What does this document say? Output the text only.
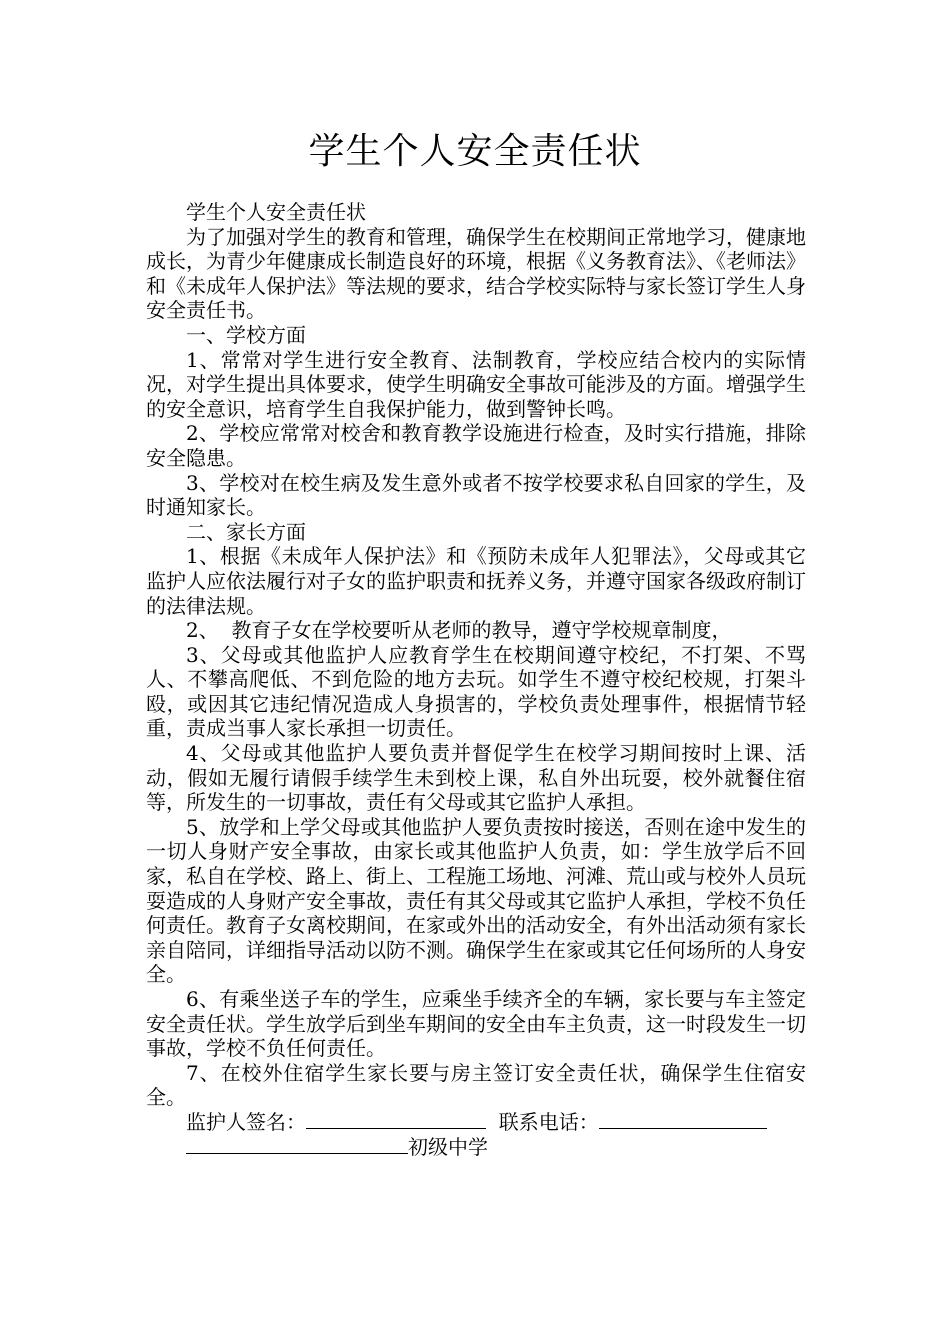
学生个人安全责任状

学生个人安全责任状

为了加强对学生的教育和管理，确保学生在校期间正常地学习，健康地成长，为青少年健康成长制造良好的环境，根据《义务教育法》、《老师法》和《未成年人保护法》等法规的要求，结合学校实际特与家长签订学生人身安全责任书。

一、学校方面

1、常常对学生进行安全教育、法制教育，学校应结合校内的实际情况，对学生提出具体要求，使学生明确安全事故可能涉及的方面。增强学生的安全意识，培育学生自我保护能力，做到警钟长鸣。

2、学校应常常对校舍和教育教学设施进行检查，及时实行措施，排除安全隐患。

3、学校对在校生病及发生意外或者不按学校要求私自回家的学生，及时通知家长。

二、家长方面

1、根据《未成年人保护法》和《预防未成年人犯罪法》，父母或其它监护人应依法履行对子女的监护职责和抚养义务，并遵守国家各级政府制订的法律法规。

2、  教育子女在学校要听从老师的教导，遵守学校规章制度，

3、父母或其他监护人应教育学生在校期间遵守校纪，不打架、不骂人、不攀高爬低、不到危险的地方去玩。如学生不遵守校纪校规，打架斗殴，或因其它违纪情况造成人身损害的，学校负责处理事件，根据情节轻重，责成当事人家长承担一切责任。

4、父母或其他监护人要负责并督促学生在校学习期间按时上课、活动，假如无履行请假手续学生未到校上课，私自外出玩耍，校外就餐住宿等，所发生的一切事故，责任有父母或其它监护人承担。

5、放学和上学父母或其他监护人要负责按时接送，否则在途中发生的一切人身财产安全事故，由家长或其他监护人负责，如：学生放学后不回家，私自在学校、路上、街上、工程施工场地、河滩、荒山或与校外人员玩耍造成的人身财产安全事故，责任有其父母或其它监护人承担，学校不负任何责任。教育子女离校期间，在家或外出的活动安全，有外出活动须有家长亲自陪同，详细指导活动以防不测。确保学生在家或其它任何场所的人身安全。

6、有乘坐送子车的学生，应乘坐手续齐全的车辆，家长要与车主签定安全责任状。学生放学后到坐车期间的安全由车主负责，这一时段发生一切事故，学校不负任何责任。

7、在校外住宿学生家长要与房主签订安全责任状，确保学生住宿安全。

监护人签名：	联系电话：
初级中学
